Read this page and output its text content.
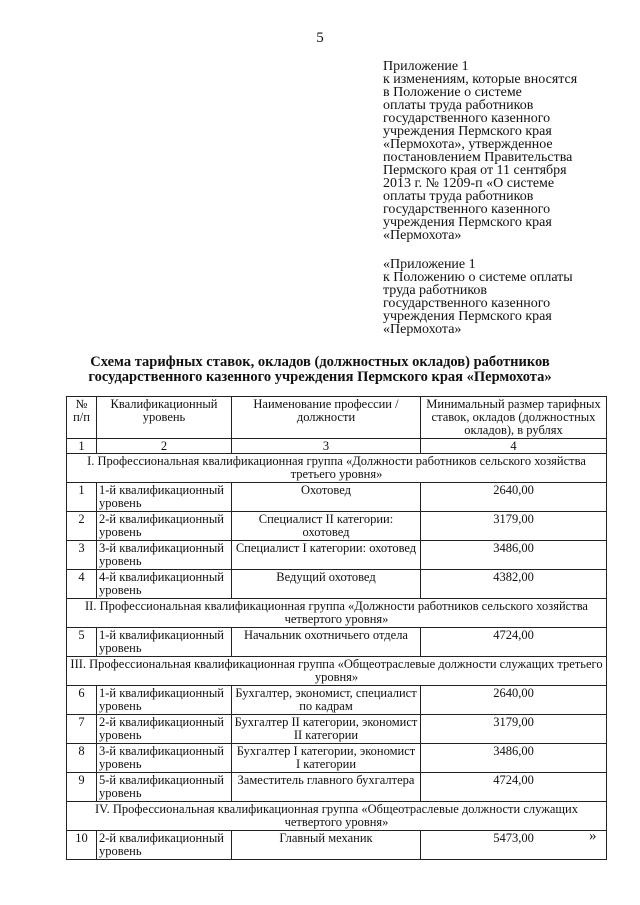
5
Приложение 1
к изменениям, которые вносятся
в Положение о системе
оплаты труда работников
государственного казенного
учреждения Пермского края
«Пермохота», утвержденное
постановлением Правительства
Пермского края от 11 сентября
2013 г. № 1209-п «О системе
оплаты труда работников
государственного казенного
учреждения Пермского края
«Пермохота»
«Приложение 1
к Положению о системе оплаты
труда работников
государственного казенного
учреждения Пермского края
«Пермохота»
Схема тарифных ставок, окладов (должностных окладов) работников
государственного казенного учреждения Пермского края «Пермохота»
№ п/п	Квалификационный уровень	Наименование профессии / должности	Минимальный размер тарифных ставок, окладов (должностных окладов), в рублях
1	2	3	4
I. Профессиональная квалификационная группа «Должности работников сельского хозяйства третьего уровня»			
1	1-й квалификационный уровень	Охотовед	2640,00
2	2-й квалификационный уровень	Специалист II категории: охотовед	3179,00
3	3-й квалификационный уровень	Специалист I категории: охотовед	3486,00
4	4-й квалификационный уровень	Ведущий охотовед	4382,00
II. Профессиональная квалификационная группа «Должности работников сельского хозяйства четвертого уровня»			
5	1-й квалификационный уровень	Начальник охотничьего отдела	4724,00
III. Профессиональная квалификационная группа «Общеотраслевые должности служащих третьего уровня»			
6	1-й квалификационный уровень	Бухгалтер, экономист, специалист по кадрам	2640,00
7	2-й квалификационный уровень	Бухгалтер II категории, экономист II категории	3179,00
8	3-й квалификационный уровень	Бухгалтер I категории, экономист I категории	3486,00
9	5-й квалификационный уровень	Заместитель главного бухгалтера	4724,00
IV. Профессиональная квалификационная группа «Общеотраслевые должности служащих четвертого уровня»			
10	2-й квалификационный уровень	Главный механик	5473,00	»
